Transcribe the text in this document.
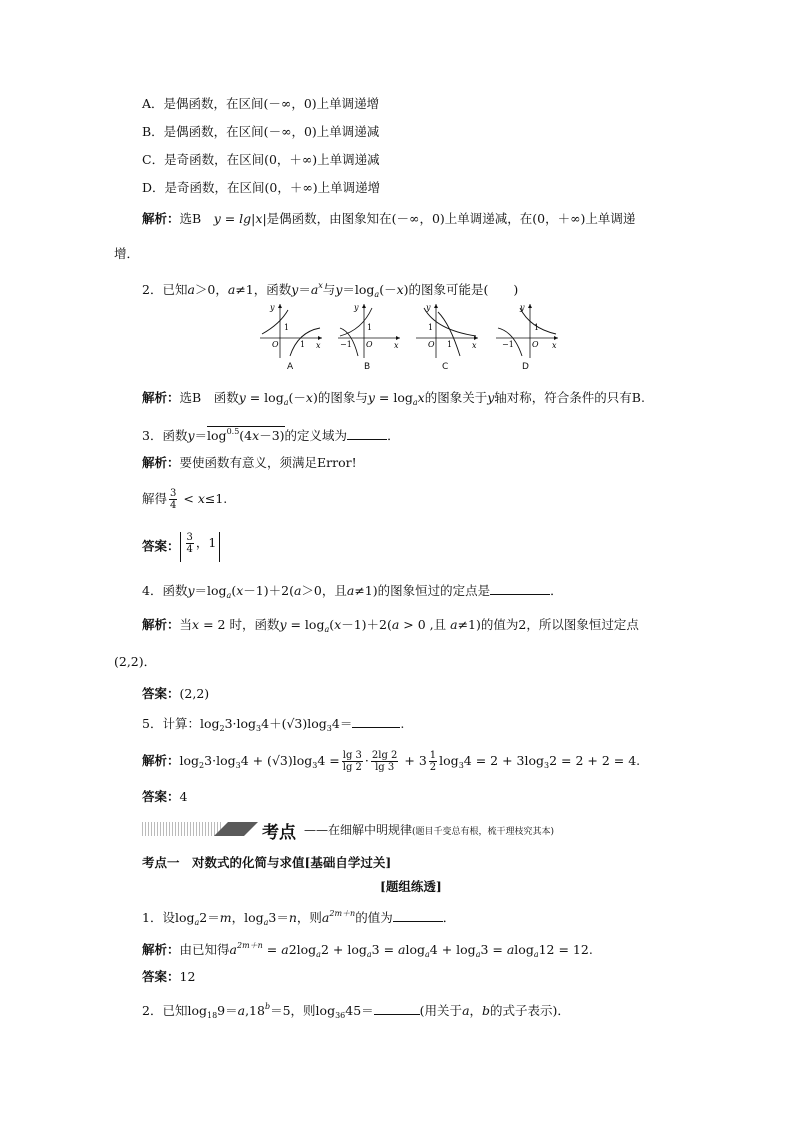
A．是偶函数，在区间(－∞，0)上单调递增
B．是偶函数，在区间(－∞，0)上单调递减
C．是奇函数，在区间(0，＋∞)上单调递减
D．是奇函数，在区间(0，＋∞)上单调递增
解析：选B　y = lg|x|是偶函数，由图象知在(－∞，0)上单调递减，在(0，＋∞)上单调递
增．
2．已知a＞0，a≠1，函数$y=a^x$与$y=\log_a(-x)$的图象可能是(　　)
y
x
O
1
1
A
y
x
O
1
−1
B
y
x
O
1
1
C
y
x
O
1
−1
D
解析：选B　函数$y = \log_a(-x)$的图象与$y = \log_ax$的图象关于y轴对称，符合条件的只有B.
3．函数$y=\log^{0.5}(4x-3)$的定义域为	．
解析：要使函数有意义，须满足Error!
解得 $\frac{3}{4} < x\le 1$.
答案： $\frac{3}{4}$ ，1
4．函数$y=\log_a(x-1)+2(a>0$，且a≠1)的图象恒过的定点是	．
解析：当x = 2 时，函数$y = \log_a(x-1)+2(a > 0$ ,且 a≠1)的值为2，所以图象恒过定点
(2,2)．
答案：(2,2)
5．计算：$\log_23\cdot\log_34+(√3)\log_34=$	.
解析：$\log_23\cdot\log_34 + (√3)\log_34 = \frac{\lg 3}{\lg 2} \cdot \frac{2\lg 2}{\lg 3} + 3 \frac{1}{2} \log_34 = 2 + 3\log_32 = 2 + 2 = 4$.
答案：4
考点 ——在细解中明规律(题目千变总有根，梳干理枝究其本)
考点一　对数式的化简与求值[基础自学过关]
[题组练透]
1．设$\log_a2=m$，$\log_a3=n$，则$a^{2m+n}$的值为	．
解析：由已知得$a^{2m+n} = a2\log_a2 + \log_a3 = alog_a4 + \log_a3 = alog_a12 = 12$.
答案：12
2．已知$\log_{18}9=a,18^b=5$，则$\log_{36}45=$	(用关于a，b的式子表示)．
